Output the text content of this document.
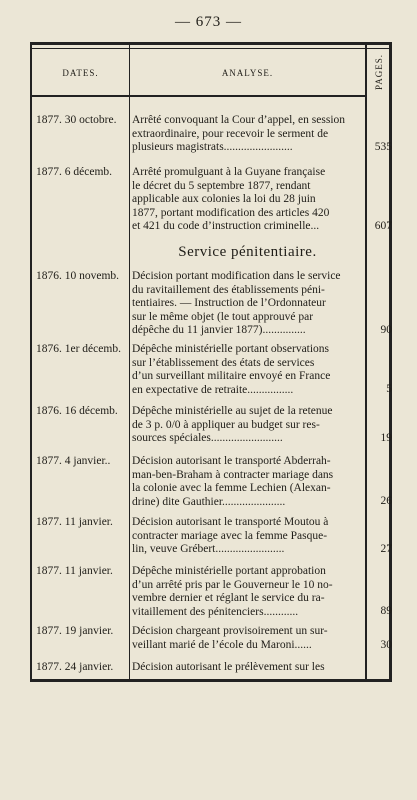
— 673 —
DATES.	ANALYSE.	PAGES.
Service pénitentiaire.
1877. 30 octobre.	Arrêté convoquant la Cour d’appel, en session
extraordinaire, pour recevoir le serment de
plusieurs magistrats........................	535
1877. 6 décemb.	Arrêté promulguant à la Guyane française
le décret du 5 septembre 1877, rendant
applicable aux colonies la loi du 28 juin
1877, portant modification des articles 420
et 421 du code d’instruction criminelle...	607
1876. 10 novemb.	Décision portant modification dans le service
du ravitaillement des établissements péni-
tentiaires. — Instruction de l’Ordonnateur
sur le même objet (le tout approuvé par
dépêche du 11 janvier 1877)...............	90
1876. 1er décemb. Dépêche ministérielle portant observations
sur l’établissement des états de services
d’un surveillant militaire envoyé en France
en expectative de retraite................	5
1876. 16 décemb.	Dépêche ministérielle au sujet de la retenue
de 3 p. 0/0 à appliquer au budget sur res-
sources spéciales.........................	19
1877. 4 janvier..	Décision autorisant le transporté Abderrah-
man-ben-Braham à contracter mariage dans
la colonie avec la femme Lechien (Alexan-
drine) dite Gauthier......................	26
1877. 11 janvier.	Décision autorisant le transporté Moutou à
contracter mariage avec la femme Pasque-
lin, veuve Grébert........................	27
1877. 11 janvier.	Dépêche ministérielle portant approbation
d’un arrêté pris par le Gouverneur le 10 no-
vembre dernier et réglant le service du ra-
vitaillement des pénitenciers............	89
1877. 19 janvier.	Décision chargeant provisoirement un sur-
veillant marié de l’école du Maroni......	30
1877. 24 janvier.	Décision autorisant le prélèvement sur les
